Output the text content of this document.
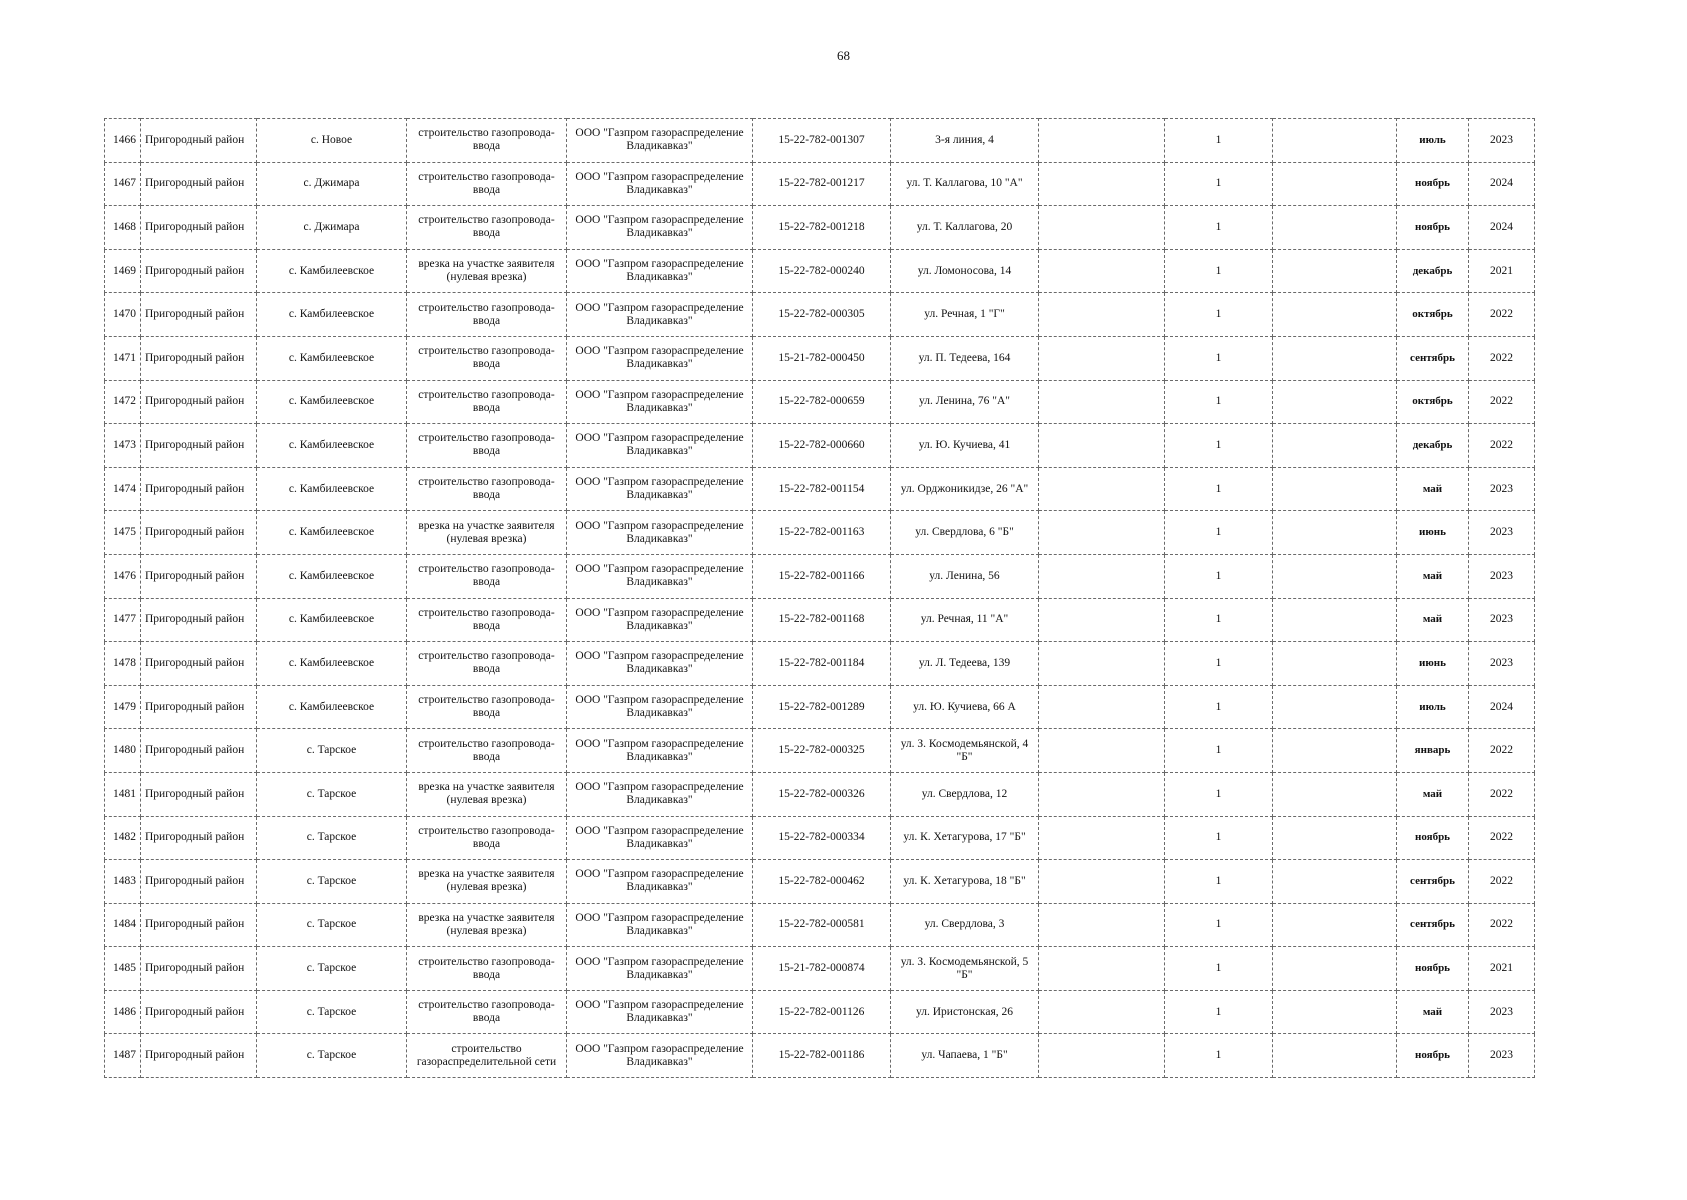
68
1466	Пригородный район	с. Новое	строительство газопровода-ввода	ООО "Газпром газораспределение Владикавказ"	15-22-782-001307	3-я линия, 4		1		июль	2023
1467	Пригородный район	с. Джимара	строительство газопровода-ввода	ООО "Газпром газораспределение Владикавказ"	15-22-782-001217	ул. Т. Каллагова, 10 "А"		1		ноябрь	2024
1468	Пригородный район	с. Джимара	строительство газопровода-ввода	ООО "Газпром газораспределение Владикавказ"	15-22-782-001218	ул. Т. Каллагова, 20		1		ноябрь	2024
1469	Пригородный район	с. Камбилеевское	врезка на участке заявителя (нулевая врезка)	ООО "Газпром газораспределение Владикавказ"	15-22-782-000240	ул. Ломоносова, 14		1		декабрь	2021
1470	Пригородный район	с. Камбилеевское	строительство газопровода-ввода	ООО "Газпром газораспределение Владикавказ"	15-22-782-000305	ул. Речная, 1 "Г"		1		октябрь	2022
1471	Пригородный район	с. Камбилеевское	строительство газопровода-ввода	ООО "Газпром газораспределение Владикавказ"	15-21-782-000450	ул. П. Тедеева, 164		1		сентябрь	2022
1472	Пригородный район	с. Камбилеевское	строительство газопровода-ввода	ООО "Газпром газораспределение Владикавказ"	15-22-782-000659	ул. Ленина, 76 "А"		1		октябрь	2022
1473	Пригородный район	с. Камбилеевское	строительство газопровода-ввода	ООО "Газпром газораспределение Владикавказ"	15-22-782-000660	ул. Ю. Кучиева, 41		1		декабрь	2022
1474	Пригородный район	с. Камбилеевское	строительство газопровода-ввода	ООО "Газпром газораспределение Владикавказ"	15-22-782-001154	ул. Орджоникидзе, 26 "А"		1		май	2023
1475	Пригородный район	с. Камбилеевское	врезка на участке заявителя (нулевая врезка)	ООО "Газпром газораспределение Владикавказ"	15-22-782-001163	ул. Свердлова, 6 "Б"		1		июнь	2023
1476	Пригородный район	с. Камбилеевское	строительство газопровода-ввода	ООО "Газпром газораспределение Владикавказ"	15-22-782-001166	ул. Ленина, 56		1		май	2023
1477	Пригородный район	с. Камбилеевское	строительство газопровода-ввода	ООО "Газпром газораспределение Владикавказ"	15-22-782-001168	ул. Речная, 11 "А"		1		май	2023
1478	Пригородный район	с. Камбилеевское	строительство газопровода-ввода	ООО "Газпром газораспределение Владикавказ"	15-22-782-001184	ул. Л. Тедеева, 139		1		июнь	2023
1479	Пригородный район	с. Камбилеевское	строительство газопровода-ввода	ООО "Газпром газораспределение Владикавказ"	15-22-782-001289	ул. Ю. Кучиева, 66 А		1		июль	2024
1480	Пригородный район	с. Тарское	строительство газопровода-ввода	ООО "Газпром газораспределение Владикавказ"	15-22-782-000325	ул. З. Космодемьянской, 4 "Б"		1		январь	2022
1481	Пригородный район	с. Тарское	врезка на участке заявителя (нулевая врезка)	ООО "Газпром газораспределение Владикавказ"	15-22-782-000326	ул. Свердлова, 12		1		май	2022
1482	Пригородный район	с. Тарское	строительство газопровода-ввода	ООО "Газпром газораспределение Владикавказ"	15-22-782-000334	ул. К. Хетагурова, 17 "Б"		1		ноябрь	2022
1483	Пригородный район	с. Тарское	врезка на участке заявителя (нулевая врезка)	ООО "Газпром газораспределение Владикавказ"	15-22-782-000462	ул. К. Хетагурова, 18 "Б"		1		сентябрь	2022
1484	Пригородный район	с. Тарское	врезка на участке заявителя (нулевая врезка)	ООО "Газпром газораспределение Владикавказ"	15-22-782-000581	ул. Свердлова, 3		1		сентябрь	2022
1485	Пригородный район	с. Тарское	строительство газопровода-ввода	ООО "Газпром газораспределение Владикавказ"	15-21-782-000874	ул. З. Космодемьянской, 5 "Б"		1		ноябрь	2021
1486	Пригородный район	с. Тарское	строительство газопровода-ввода	ООО "Газпром газораспределение Владикавказ"	15-22-782-001126	ул. Иристонская, 26		1		май	2023
1487	Пригородный район	с. Тарское	строительство газораспределительной сети	ООО "Газпром газораспределение Владикавказ"	15-22-782-001186	ул. Чапаева, 1 "Б"		1		ноябрь	2023
